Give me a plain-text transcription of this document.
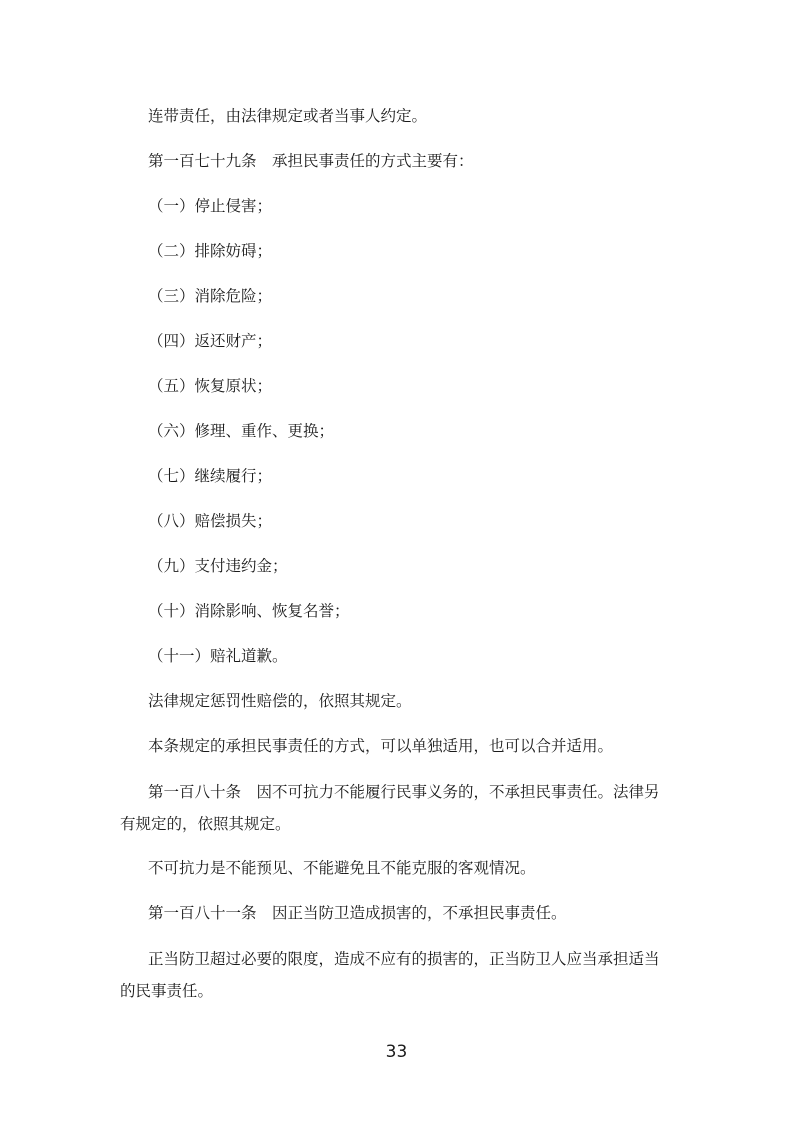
连带责任，由法律规定或者当事人约定。
第一百七十九条　承担民事责任的方式主要有：
（一）停止侵害；
（二）排除妨碍；
（三）消除危险；
（四）返还财产；
（五）恢复原状；
（六）修理、重作、更换；
（七）继续履行；
（八）赔偿损失；
（九）支付违约金；
（十）消除影响、恢复名誉；
（十一）赔礼道歉。
法律规定惩罚性赔偿的，依照其规定。
本条规定的承担民事责任的方式，可以单独适用，也可以合并适用。
第一百八十条　因不可抗力不能履行民事义务的，不承担民事责任。法律另
有规定的，依照其规定。
不可抗力是不能预见、不能避免且不能克服的客观情况。
第一百八十一条　因正当防卫造成损害的，不承担民事责任。
正当防卫超过必要的限度，造成不应有的损害的，正当防卫人应当承担适当
的民事责任。
33
